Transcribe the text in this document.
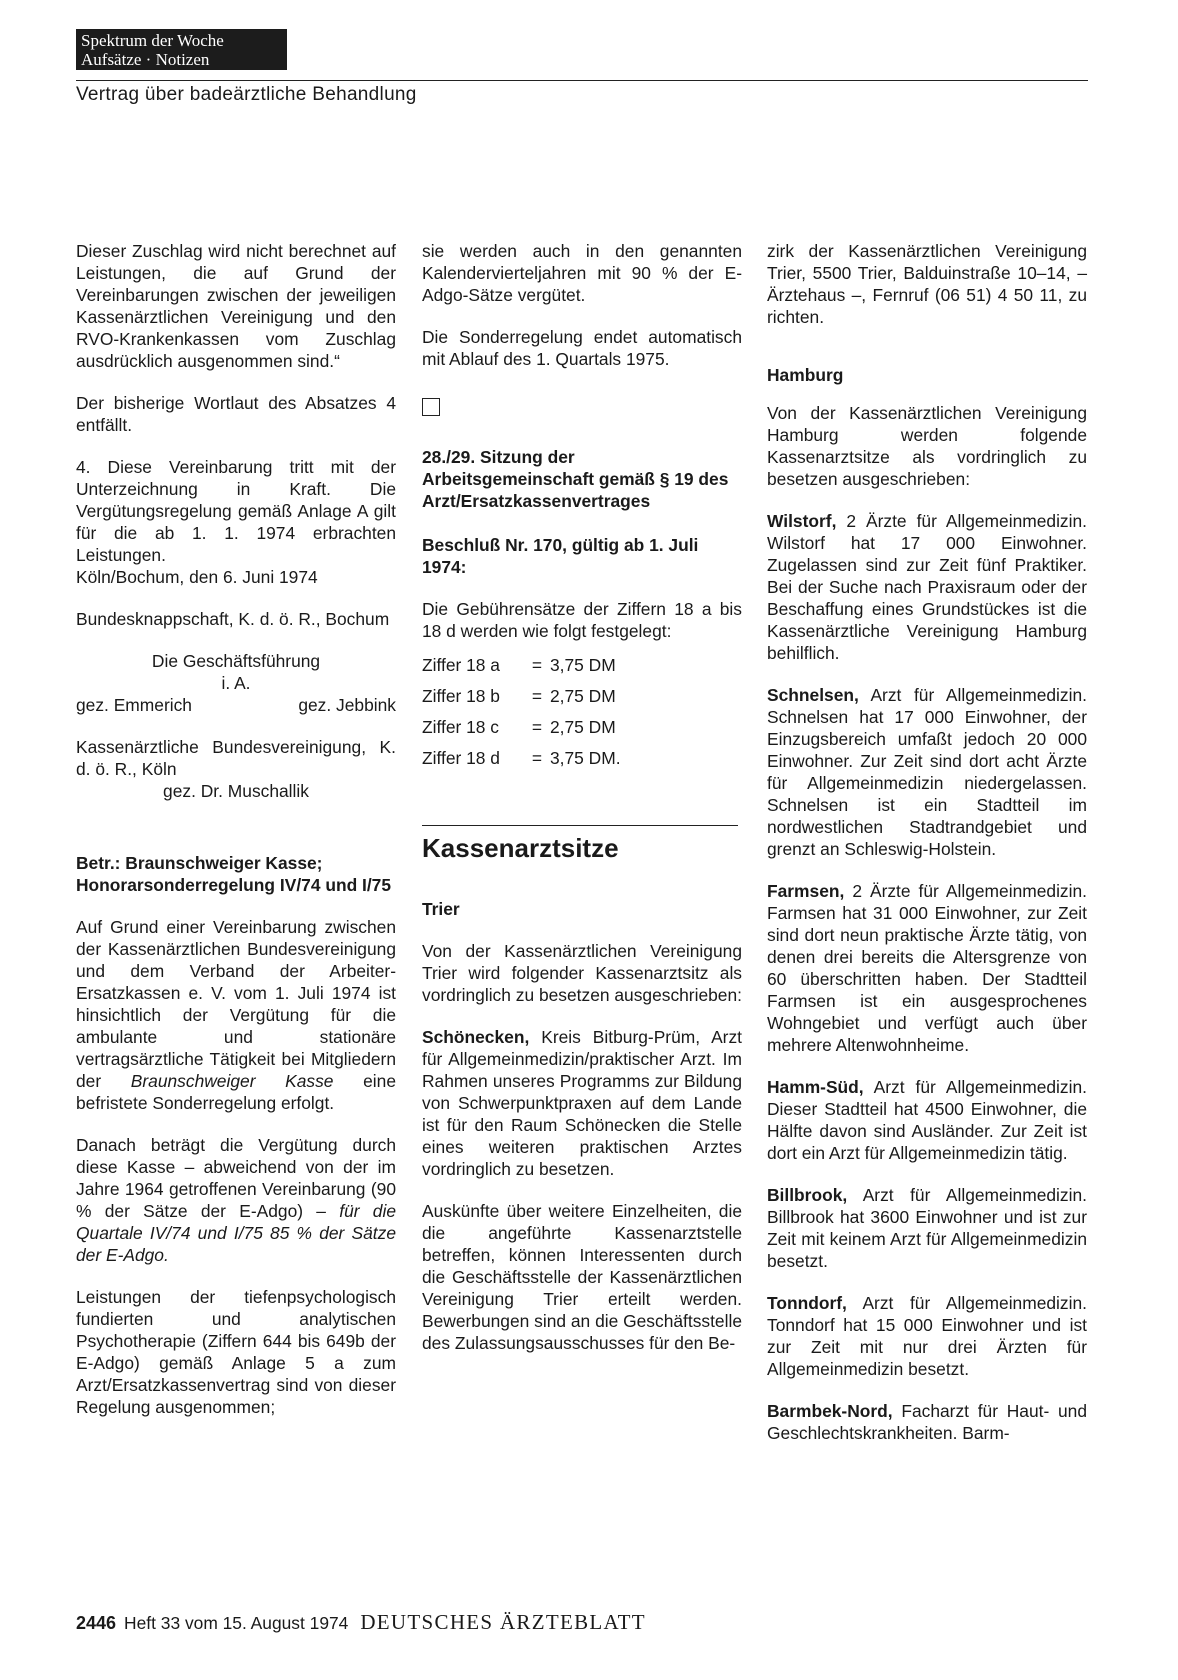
Spektrum der Woche
Aufsätze · Notizen
Vertrag über badeärztliche Behandlung

Dieser Zuschlag wird nicht berechnet auf Leistungen, die auf Grund der Vereinbarungen zwischen der jeweiligen Kassenärztlichen Vereinigung und den RVO-Krankenkassen vom Zuschlag ausdrücklich ausgenommen sind.“

Der bisherige Wortlaut des Absatzes 4 entfällt.

4. Diese Vereinbarung tritt mit der Unterzeichnung in Kraft. Die Vergütungsregelung gemäß Anlage A gilt für die ab 1. 1. 1974 erbrachten Leistungen.

Köln/Bochum, den 6. Juni 1974

Bundesknappschaft, K. d. ö. R., Bochum

Die Geschäftsführung

i. A.

gez. Emmerich	gez. Jebbink

Kassenärztliche Bundesvereinigung, K. d. ö. R., Köln

gez. Dr. Muschallik

Betr.: Braunschweiger Kasse; Honorarsonderregelung IV/74 und I/75

Auf Grund einer Vereinbarung zwischen der Kassenärztlichen Bundesvereinigung und dem Verband der Arbeiter-Ersatzkassen e. V. vom 1. Juli 1974 ist hinsichtlich der Vergütung für die ambulante und stationäre vertragsärztliche Tätigkeit bei Mitgliedern der Braunschweiger Kasse eine befristete Sonderregelung erfolgt.

Danach beträgt die Vergütung durch diese Kasse – abweichend von der im Jahre 1964 getroffenen Vereinbarung (90 % der Sätze der E-Adgo) – für die Quartale IV/74 und I/75 85 % der Sätze der E-Adgo.

Leistungen der tiefenpsychologisch fundierten und analytischen Psychotherapie (Ziffern 644 bis 649b der E-Adgo) gemäß Anlage 5 a zum Arzt/Ersatzkassenvertrag sind von dieser Regelung ausgenommen;

sie werden auch in den genannten Kalendervierteljahren mit 90 % der E-Adgo-Sätze vergütet.

Die Sonderregelung endet automatisch mit Ablauf des 1. Quartals 1975.

28./29. Sitzung der Arbeitsgemeinschaft gemäß § 19 des Arzt/Ersatzkassenvertrages

Beschluß Nr. 170, gültig ab 1. Juli 1974:

Die Gebührensätze der Ziffern 18 a bis 18 d werden wie folgt festgelegt:

Ziffer 18 a	= 3,75 DM
Ziffer 18 b	= 2,75 DM
Ziffer 18 c	= 2,75 DM
Ziffer 18 d	= 3,75 DM.

Kassenarztsitze

Trier

Von der Kassenärztlichen Vereinigung Trier wird folgender Kassenarztsitz als vordringlich zu besetzen ausgeschrieben:

Schönecken, Kreis Bitburg-Prüm, Arzt für Allgemeinmedizin/praktischer Arzt. Im Rahmen unseres Programms zur Bildung von Schwerpunktpraxen auf dem Lande ist für den Raum Schönecken die Stelle eines weiteren praktischen Arztes vordringlich zu besetzen.

Auskünfte über weitere Einzelheiten, die die angeführte Kassenarztstelle betreffen, können Interessenten durch die Geschäftsstelle der Kassenärztlichen Vereinigung Trier erteilt werden. Bewerbungen sind an die Geschäftsstelle des Zulassungsausschusses für den Be-

zirk der Kassenärztlichen Vereinigung Trier, 5500 Trier, Balduinstraße 10–14, – Ärztehaus –, Fernruf (06 51) 4 50 11, zu richten.

Hamburg

Von der Kassenärztlichen Vereinigung Hamburg werden folgende Kassenarztsitze als vordringlich zu besetzen ausgeschrieben:

Wilstorf, 2 Ärzte für Allgemeinmedizin. Wilstorf hat 17 000 Einwohner. Zugelassen sind zur Zeit fünf Praktiker. Bei der Suche nach Praxisraum oder der Beschaffung eines Grundstückes ist die Kassenärztliche Vereinigung Hamburg behilflich.

Schnelsen, Arzt für Allgemeinmedizin. Schnelsen hat 17 000 Einwohner, der Einzugsbereich umfaßt jedoch 20 000 Einwohner. Zur Zeit sind dort acht Ärzte für Allgemeinmedizin niedergelassen. Schnelsen ist ein Stadtteil im nordwestlichen Stadtrandgebiet und grenzt an Schleswig-Holstein.

Farmsen, 2 Ärzte für Allgemeinmedizin. Farmsen hat 31 000 Einwohner, zur Zeit sind dort neun praktische Ärzte tätig, von denen drei bereits die Altersgrenze von 60 überschritten haben. Der Stadtteil Farmsen ist ein ausgesprochenes Wohngebiet und verfügt auch über mehrere Altenwohnheime.

Hamm-Süd, Arzt für Allgemeinmedizin. Dieser Stadtteil hat 4500 Einwohner, die Hälfte davon sind Ausländer. Zur Zeit ist dort ein Arzt für Allgemeinmedizin tätig.

Billbrook, Arzt für Allgemeinmedizin. Billbrook hat 3600 Einwohner und ist zur Zeit mit keinem Arzt für Allgemeinmedizin besetzt.

Tonndorf, Arzt für Allgemeinmedizin. Tonndorf hat 15 000 Einwohner und ist zur Zeit mit nur drei Ärzten für Allgemeinmedizin besetzt.

Barmbek-Nord, Facharzt für Haut- und Geschlechtskrankheiten. Barm-

2446 Heft 33 vom 15. August 1974 DEUTSCHES ÄRZTEBLATT
